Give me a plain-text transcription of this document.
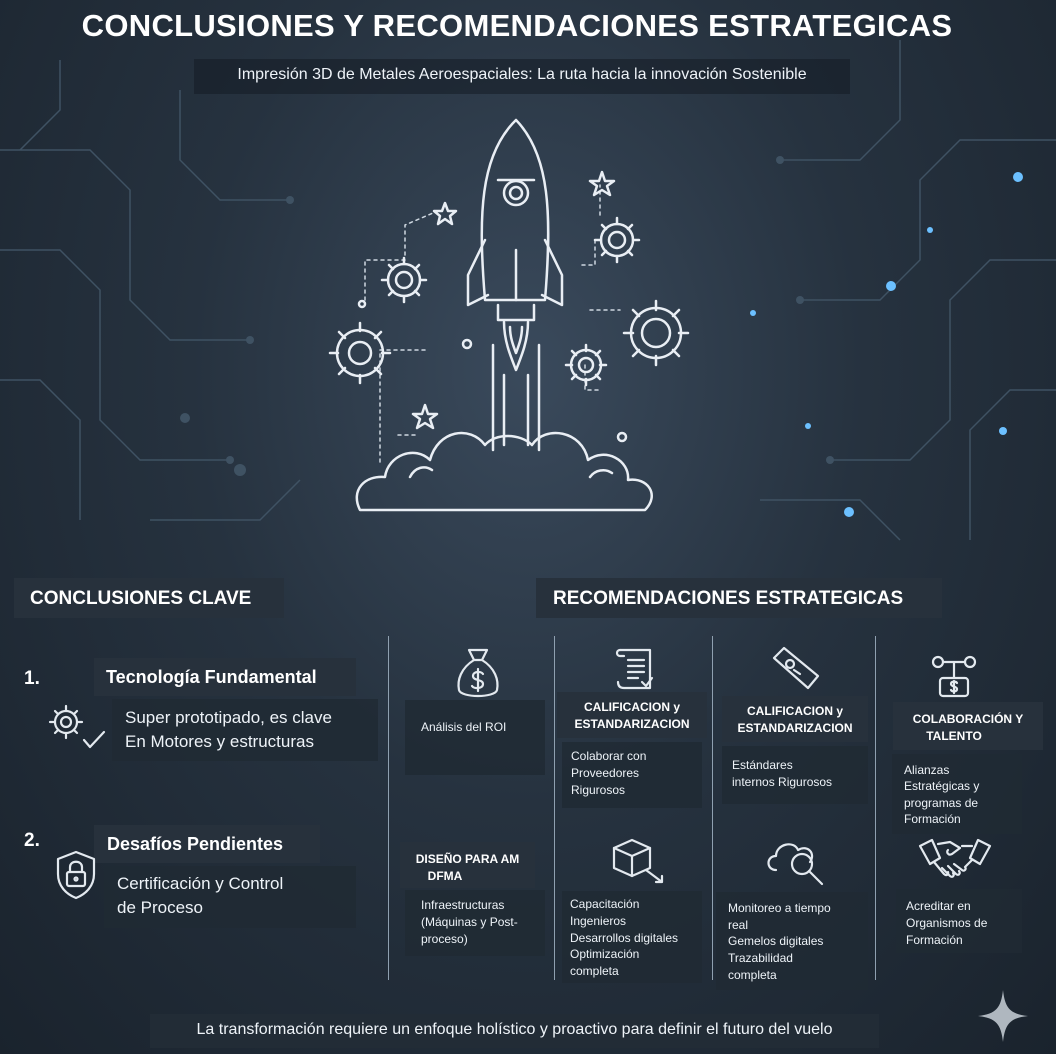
CONCLUSIONES Y RECOMENDACIONES ESTRATEGICAS
Impresión 3D de Metales Aeroespaciales: La ruta hacia la innovación Sostenible
CONCLUSIONES CLAVE	RECOMENDACIONES ESTRATEGICAS
1.	Tecnología Fundamental
Super prototipado, es clave
En Motores y estructuras
2.	Desafíos Pendientes
Certificación y Control
de Proceso
Análisis del ROI
DISEÑO PARA AM
DFMA
Infraestructuras
(Máquinas y Post-
proceso)
CALIFICACION y
ESTANDARIZACION
Colaborar con
Proveedores
Rigurosos
Capacitación
Ingenieros
Desarrollos digitales
Optimización
completa
CALIFICACION y
ESTANDARIZACION
Estándares
internos Rigurosos
Monitoreo a tiempo
real
Gemelos digitales
Trazabilidad
completa
COLABORACIÓN Y
TALENTO
Alianzas
Estratégicas y
programas de
Formación
Acreditar en
Organismos de
Formación
La transformación requiere un enfoque holístico y proactivo para definir el futuro del vuelo
